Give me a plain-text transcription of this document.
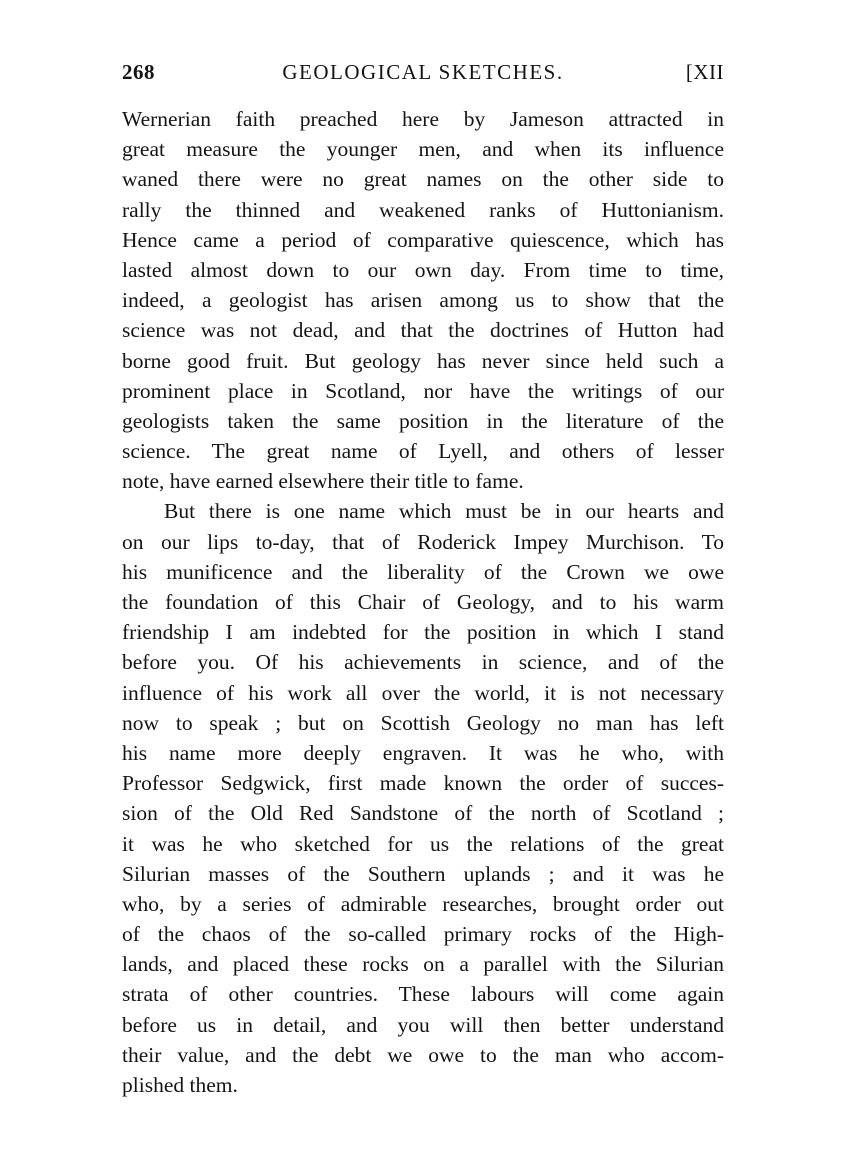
268	GEOLOGICAL SKETCHES.	[XII
Wernerian faith preached here by Jameson attracted in
great measure the younger men, and when its influence
waned there were no great names on the other side to
rally the thinned and weakened ranks of Huttonianism.
Hence came a period of comparative quiescence, which has
lasted almost down to our own day. From time to time,
indeed, a geologist has arisen among us to show that the
science was not dead, and that the doctrines of Hutton had
borne good fruit. But geology has never since held such a
prominent place in Scotland, nor have the writings of our
geologists taken the same position in the literature of the
science. The great name of Lyell, and others of lesser
note, have earned elsewhere their title to fame.
But there is one name which must be in our hearts and
on our lips to-day, that of Roderick Impey Murchison. To
his munificence and the liberality of the Crown we owe
the foundation of this Chair of Geology, and to his warm
friendship I am indebted for the position in which I stand
before you. Of his achievements in science, and of the
influence of his work all over the world, it is not necessary
now to speak ; but on Scottish Geology no man has left
his name more deeply engraven. It was he who, with
Professor Sedgwick, first made known the order of succes-
sion of the Old Red Sandstone of the north of Scotland ;
it was he who sketched for us the relations of the great
Silurian masses of the Southern uplands ; and it was he
who, by a series of admirable researches, brought order out
of the chaos of the so-called primary rocks of the High-
lands, and placed these rocks on a parallel with the Silurian
strata of other countries. These labours will come again
before us in detail, and you will then better understand
their value, and the debt we owe to the man who accom-
plished them.
